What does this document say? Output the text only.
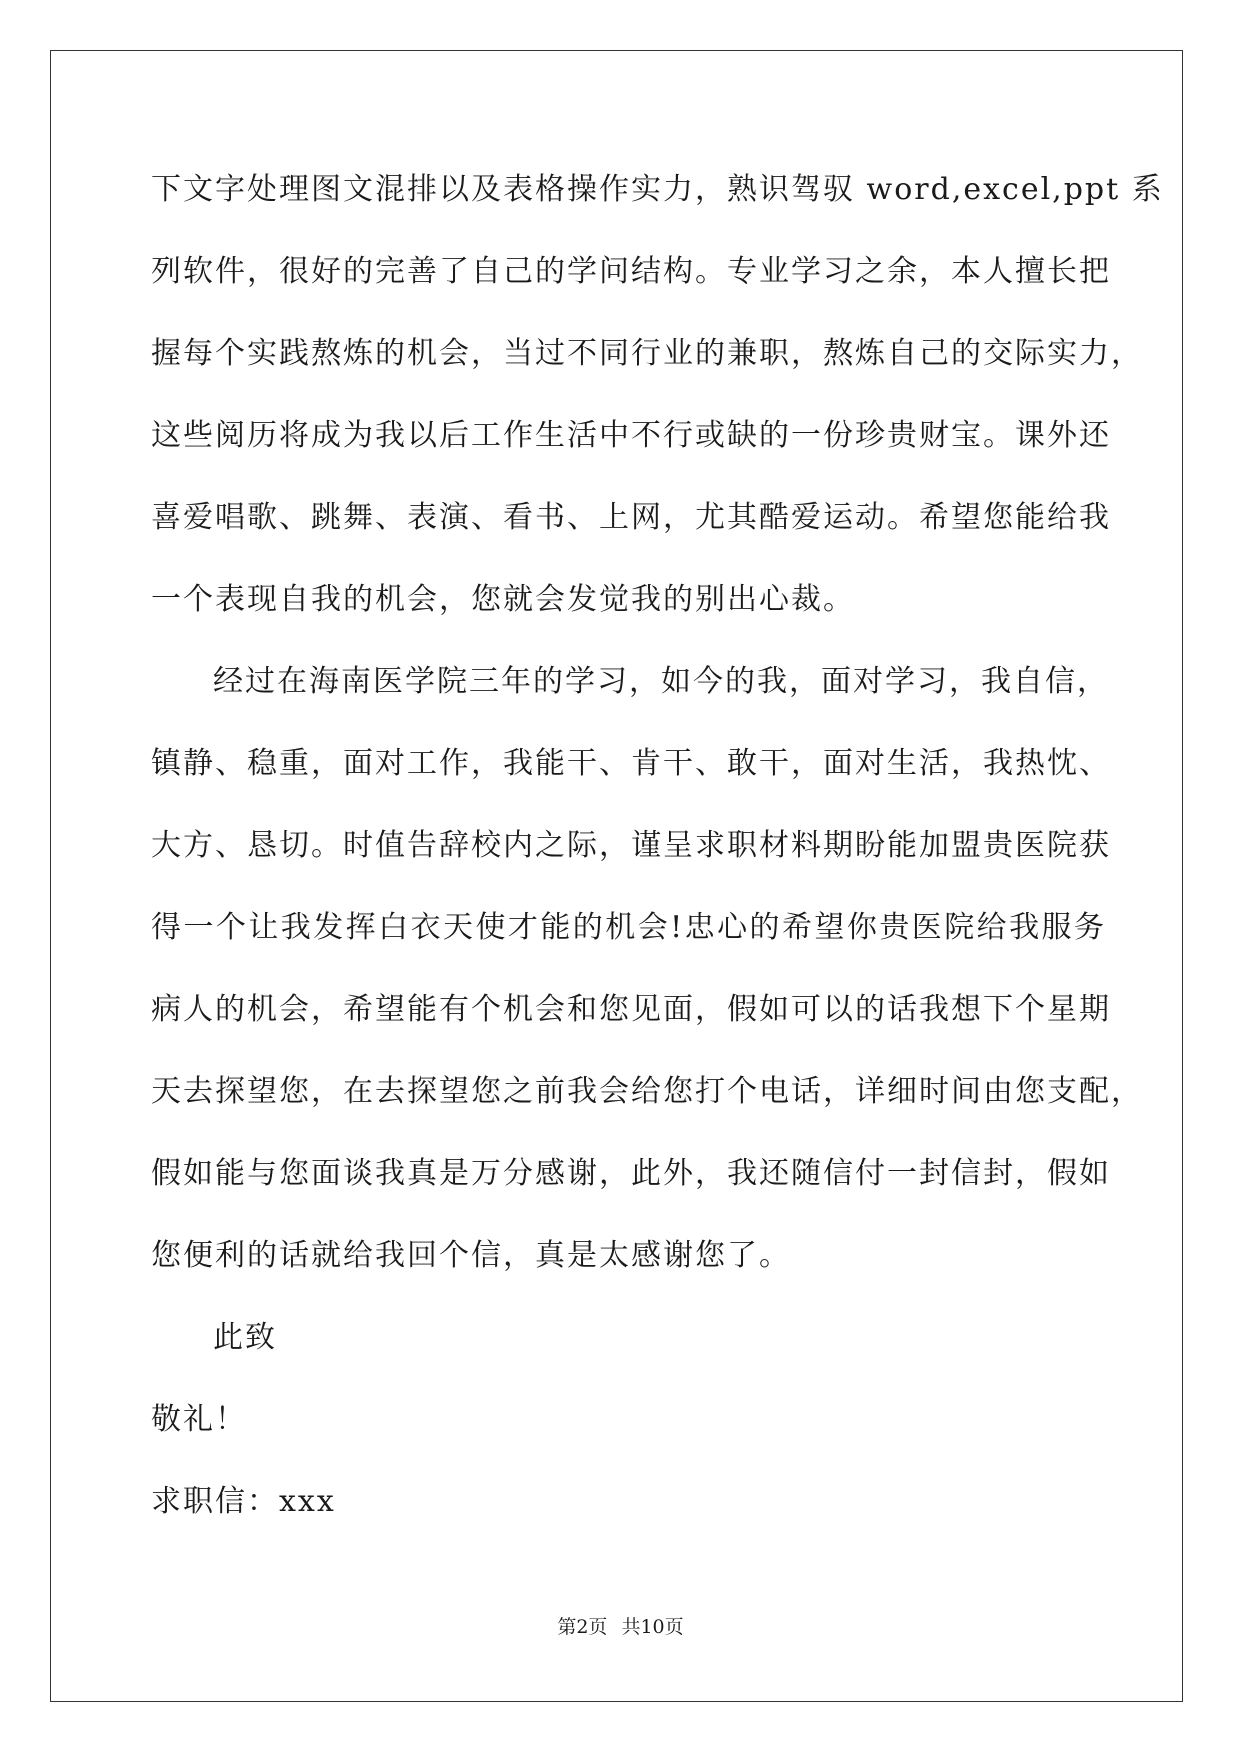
下文字处理图文混排以及表格操作实力，熟识驾驭 word,excel,ppt 系
列软件，很好的完善了自己的学问结构。专业学习之余，本人擅长把
握每个实践熬炼的机会，当过不同行业的兼职，熬炼自己的交际实力，
这些阅历将成为我以后工作生活中不行或缺的一份珍贵财宝。课外还
喜爱唱歌、跳舞、表演、看书、上网，尤其酷爱运动。希望您能给我
一个表现自我的机会，您就会发觉我的别出心裁。
经过在海南医学院三年的学习，如今的我，面对学习，我自信，
镇静、稳重，面对工作，我能干、肯干、敢干，面对生活，我热忱、
大方、恳切。时值告辞校内之际，谨呈求职材料期盼能加盟贵医院获
得一个让我发挥白衣天使才能的机会!忠心的希望你贵医院给我服务
病人的机会，希望能有个机会和您见面，假如可以的话我想下个星期
天去探望您，在去探望您之前我会给您打个电话，详细时间由您支配，
假如能与您面谈我真是万分感谢，此外，我还随信付一封信封，假如
您便利的话就给我回个信，真是太感谢您了。
此致
敬礼！
求职信：xxx
第2页 共10页
